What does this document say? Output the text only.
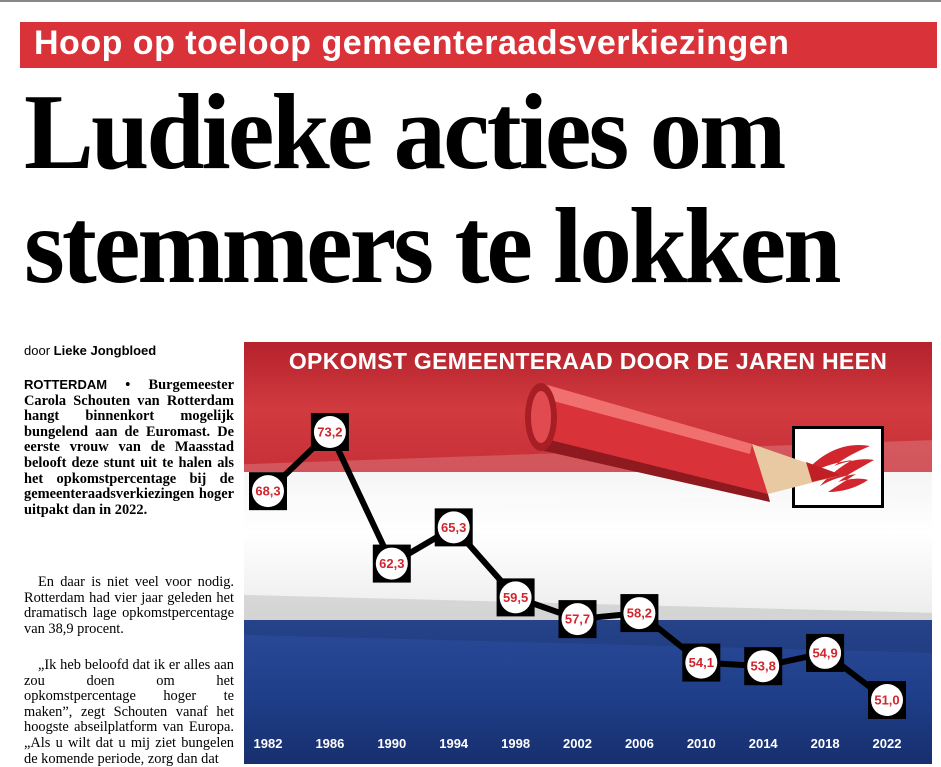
Hoop op toeloop gemeenteraadsverkiezingen
Ludieke acties om
stemmers te lokken
door Lieke Jongbloed

ROTTERDAM • Burgemeester Carola Schouten van Rotterdam hangt binnenkort mogelijk bungelend aan de Euromast. De eerste vrouw van de Maasstad belooft deze stunt uit te halen als het opkomstpercentage bij de gemeenteraadsverkiezingen hoger uitpakt dan in 2022.

En daar is niet veel voor nodig. Rotterdam had vier jaar geleden het dramatisch lage opkomstpercentage van 38,9 procent.

„Ik heb beloofd dat ik er alles aan zou doen om het opkomstpercentage hoger te maken”, zegt Schouten vanaf het hoogste abseilplatform van Europa. „Als u wilt dat u mij ziet bungelen de komende periode, zorg dan dat

OPKOMST GEMEENTERAAD DOOR DE JAREN HEEN
68,3
73,2
62,3
65,3
59,5
57,7	58,2
54,1	53,8
54,9
51,0
1982	1986	1990	1994	1998	2002	2006	2010	2014	2018	2022
